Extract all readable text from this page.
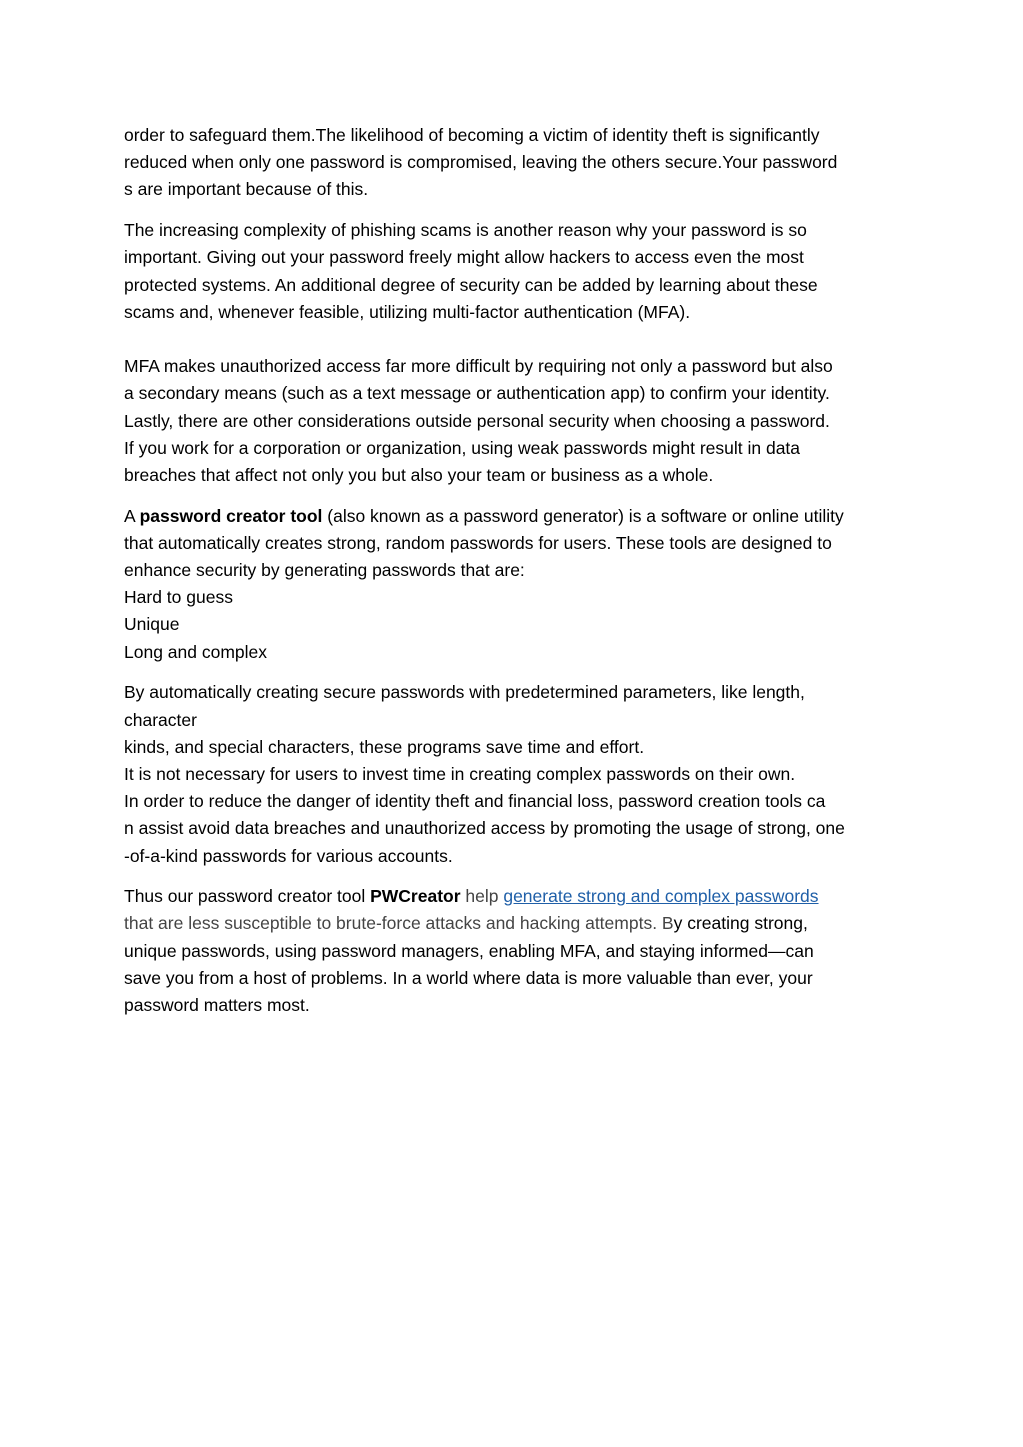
order to safeguard them.The likelihood of becoming a victim of identity theft is significantly
reduced when only one password is compromised, leaving the others secure.Your password
s are important because of this.
The increasing complexity of phishing scams is another reason why your password is so
important. Giving out your password freely might allow hackers to access even the most
protected systems. An additional degree of security can be added by learning about these
scams and, whenever feasible, utilizing multi-factor authentication (MFA).
MFA makes unauthorized access far more difficult by requiring not only a password but also
a secondary means (such as a text message or authentication app) to confirm your identity.
Lastly, there are other considerations outside personal security when choosing a password.
If you work for a corporation or organization, using weak passwords might result in data
breaches that affect not only you but also your team or business as a whole.
A password creator tool (also known as a password generator) is a software or online utility
that automatically creates strong, random passwords for users. These tools are designed to
enhance security by generating passwords that are:
Hard to guess
Unique
Long and complex
By automatically creating secure passwords with predetermined parameters, like length,
character
kinds, and special characters, these programs save time and effort.
It is not necessary for users to invest time in creating complex passwords on their own.
In order to reduce the danger of identity theft and financial loss, password creation tools ca
n assist avoid data breaches and unauthorized access by promoting the usage of strong, one
-of-a-kind passwords for various accounts.
Thus our password creator tool PWCreator help generate strong and complex passwords
that are less susceptible to brute-force attacks and hacking attempts. By creating strong,
unique passwords, using password managers, enabling MFA, and staying informed—can
save you from a host of problems. In a world where data is more valuable than ever, your
password matters most.
